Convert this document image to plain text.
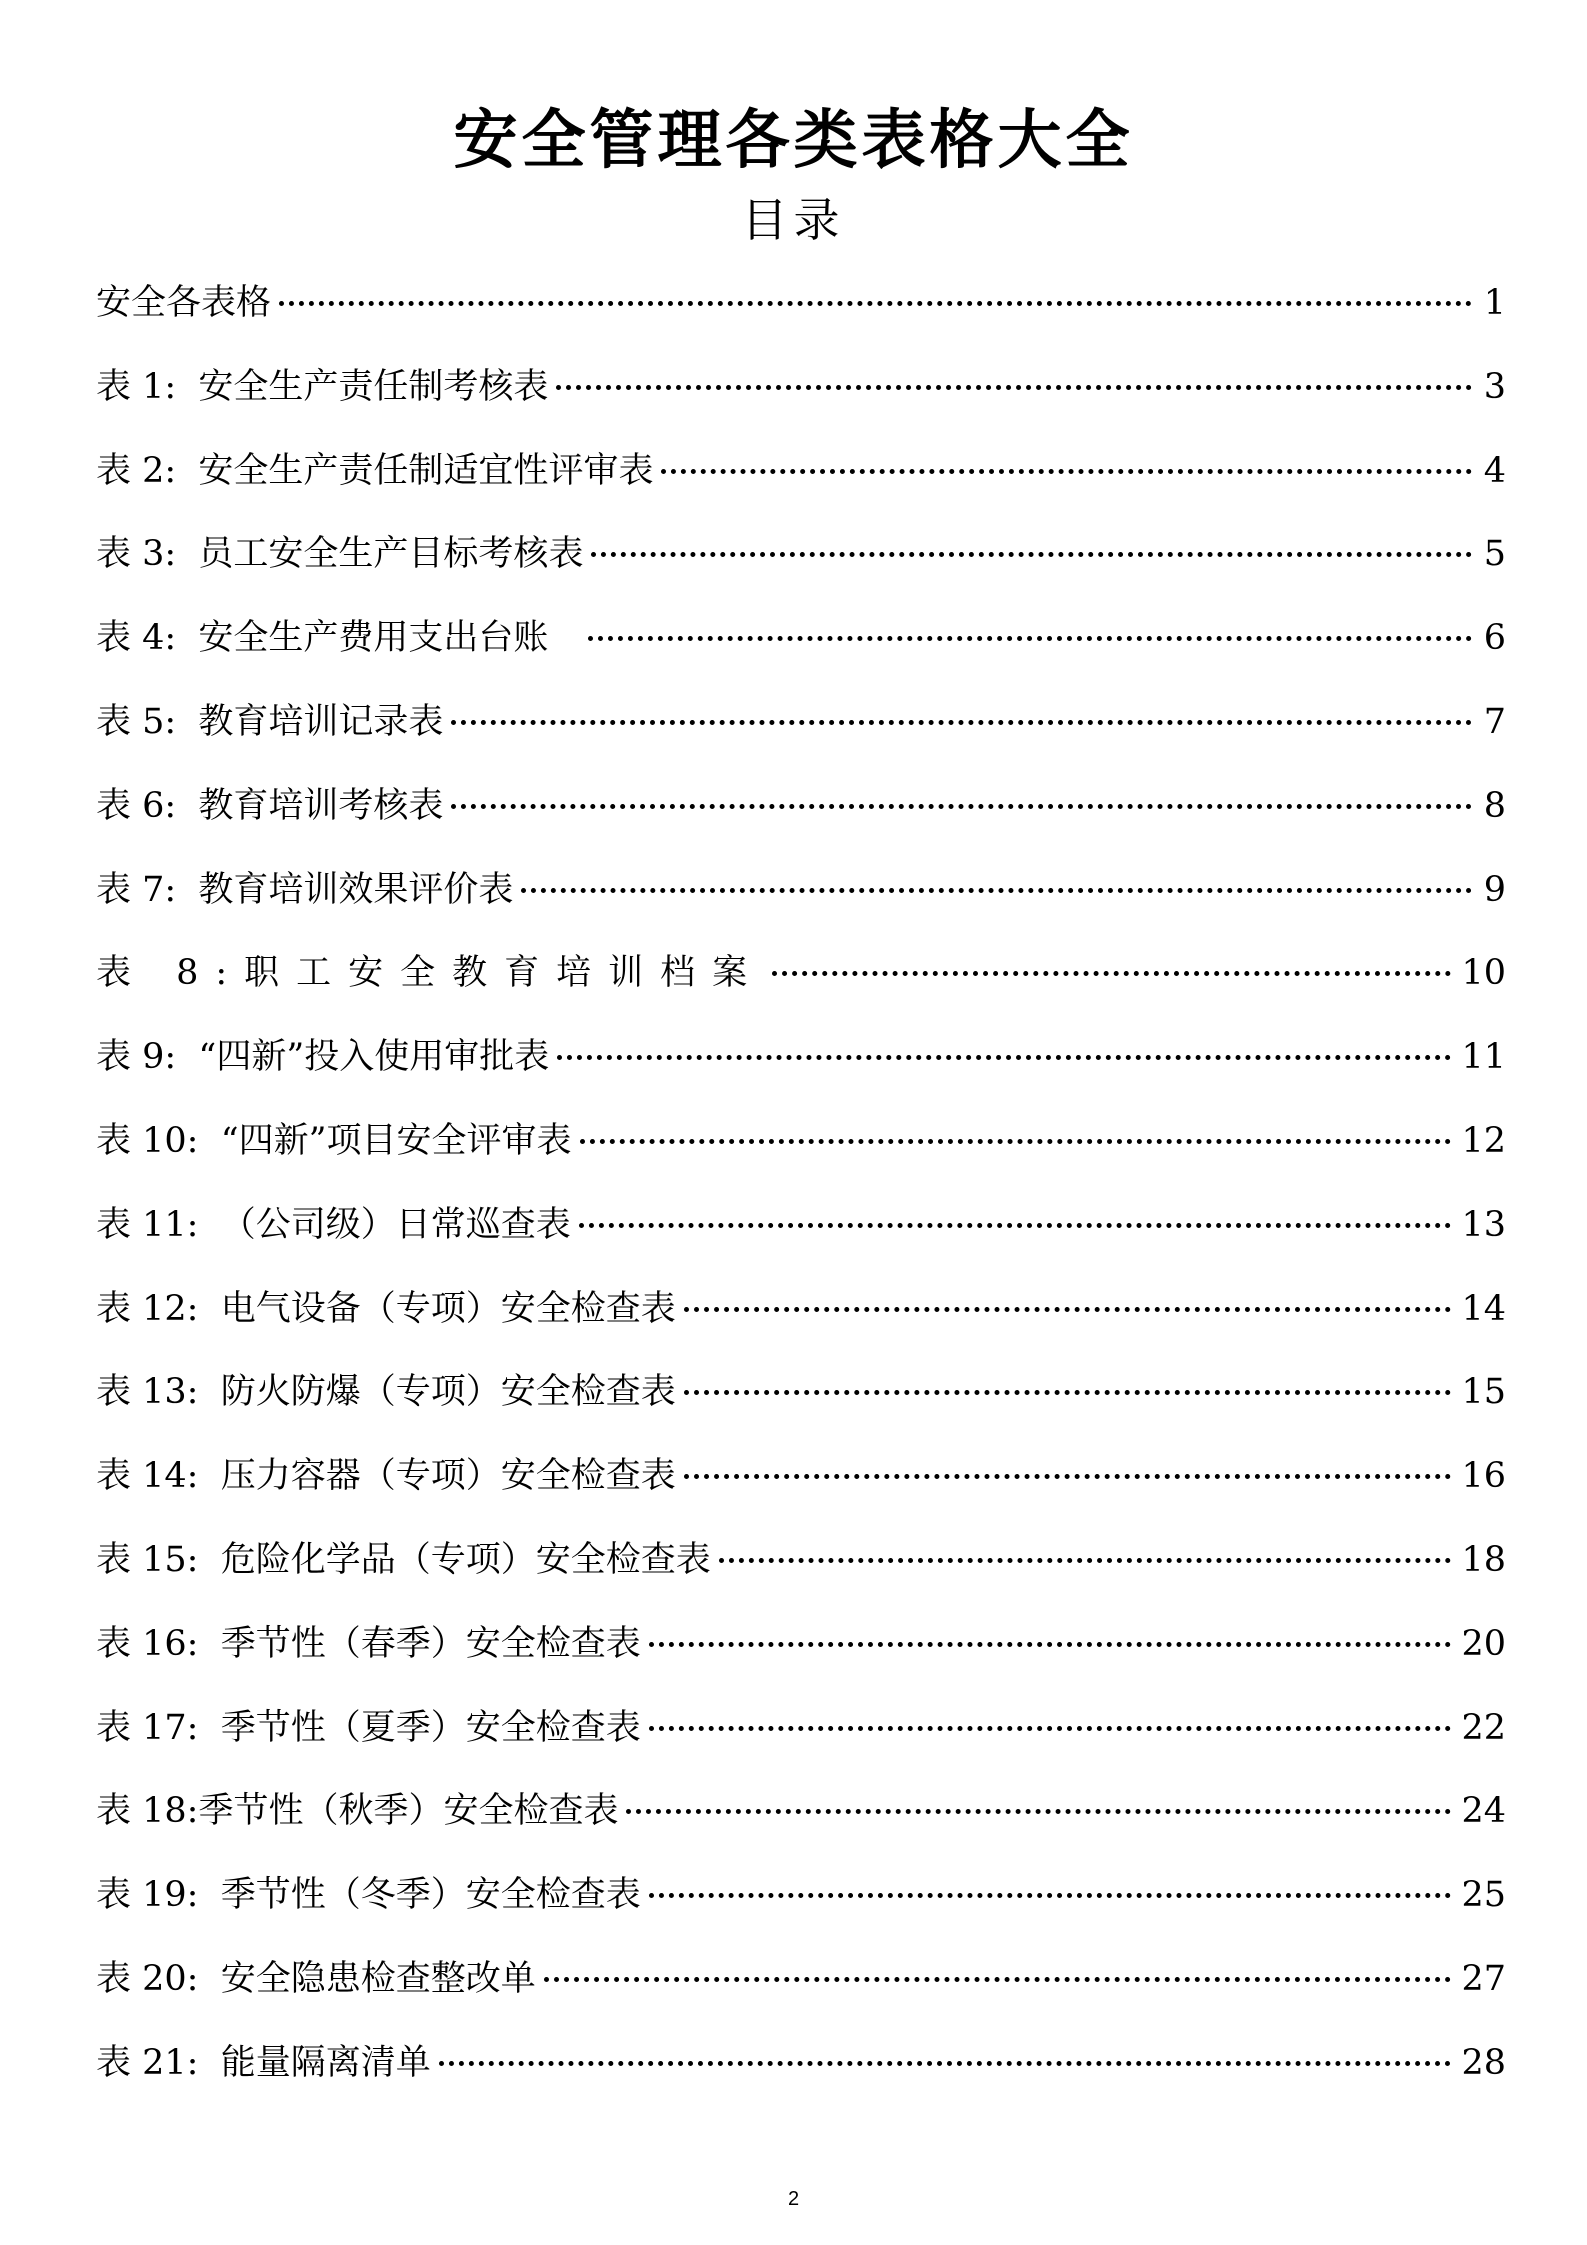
安全管理各类表格大全
目录
安全各表格	1
表 1:  安全生产责任制考核表	3
表 2:  安全生产责任制适宜性评审表	4
表 3:  员工安全生产目标考核表	5
表 4:  安全生产费用支出台账	6
表 5:  教育培训记录表	7
表 6:  教育培训考核表	8
表 7:  教育培训效果评价表	9
表 8:职工安全教育培训档案	10
表 9:  “四新”投入使用审批表	11
表 10:  “四新”项目安全评审表	12
表 11:  （公司级）日常巡查表	13
表 12:  电气设备（专项）安全检查表	14
表 13:  防火防爆（专项）安全检查表	15
表 14:  压力容器（专项）安全检查表	16
表 15:  危险化学品（专项）安全检查表	18
表 16:  季节性（春季）安全检查表	20
表 17:  季节性（夏季）安全检查表	22
表 18:季节性（秋季）安全检查表	24
表 19:  季节性（冬季）安全检查表	25
表 20:  安全隐患检查整改单	27
表 21:  能量隔离清单	28
2
